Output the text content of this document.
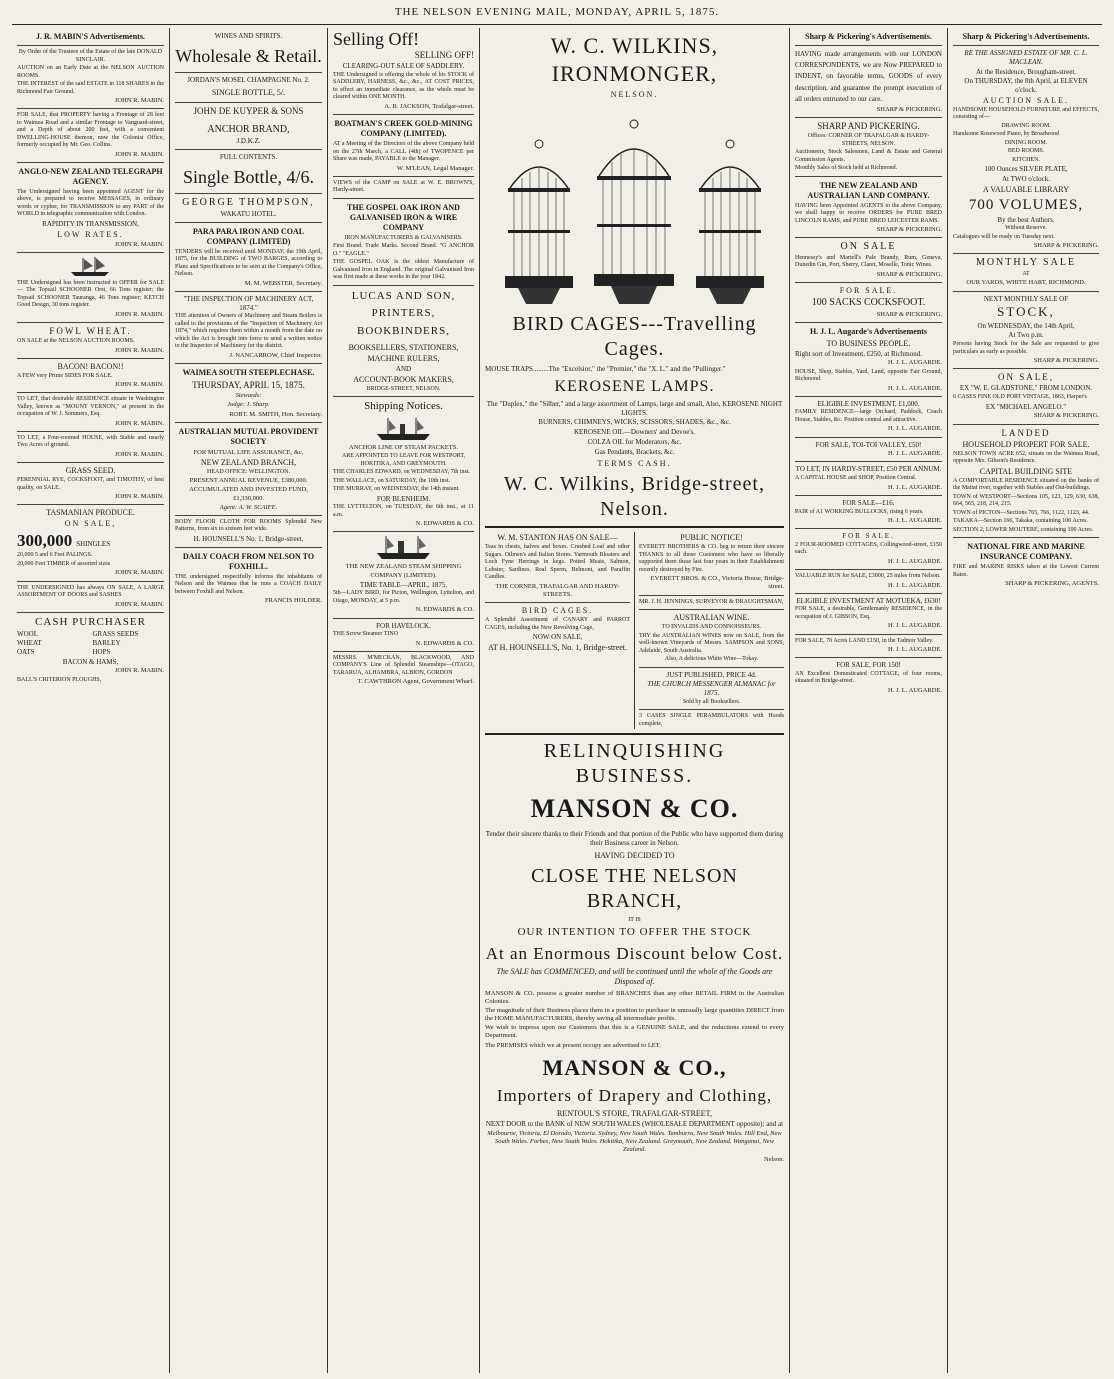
THE NELSON EVENING MAIL, MONDAY, APRIL 5, 1875.
J. R. MABIN'S Advertisements.
By Order of the Trustees of the Estate of the late DONALD SINCLAIR.
AUCTION on an Early Date at the NELSON AUCTION ROOMS.
THE INTEREST of the said ESTATE in 118 SHARES in the Richmond Fair Ground.
JOHN R. MABIN.
FOR SALE, that PROPERTY having a Frontage of 28 feet to Waimea Road and a similar Frontage to Vanguard-street, and a Depth of about 200 feet, with a convenient DWELLING-HOUSE thereon, now the Colonist Office, formerly occupied by Mr. Geo. Collins.
JOHN R. MABIN.
ANGLO-NEW ZEALAND TELEGRAPH AGENCY.
The Undersigned having been appointed AGENT for the above, is prepared to receive MESSAGES, in ordinary words or cypher, for TRANSMISSION to any PART of the WORLD in telegraphic communication with London.
RAPIDITY IN TRANSMISSION,
LOW RATES.
JOHN R. MABIN.
THE Undersigned has been instructed to OFFER for SALE— The Topsail SCHOONER Orst, 66 Tons register; the Topsail SCHOONER Tauranga, 46 Tons register; KETCH Good Design, 30 tons register.
JOHN R. MABIN.
FOWL WHEAT.
ON SALE at the NELSON AUCTION ROOMS.
JOHN R. MABIN.
BACON! BACON!!
A FEW very Prime SIDES FOR SALE.
JOHN R. MABIN.
TO LET, that desirable RESIDENCE situate in Washington Valley, known as "MOUNT VERNON," at present in the occupation of W. J. Sommers, Esq.
JOHN R. MABIN.
TO LET, a Four-roomed HOUSE, with Stable and nearly Two Acres of ground.
JOHN R. MABIN.
GRASS SEED.
PERENNIAL RYE, COCKSFOOT, and TIMOTHY, of best quality, on SALE.
JOHN R. MABIN.
TASMANIAN PRODUCE.
ON SALE,
300,000 SHINGLES
20,000 5 and 6 Feet PALINGS.
20,000 Feet TIMBER of assorted sizes
JOHN R. MABIN.
THE UNDERSIGNED has always ON SALE, A LARGE ASSORTMENT OF DOORS and SASHES
JOHN R. MABIN.
CASH PURCHASER
WOOL
WHEAT
OATS
GRASS SEEDS
BARLEY
HOPS
BACON & HAMS,
JOHN R. MABIN.
BALL'S CRITERION PLOUGHS,
WINES AND SPIRITS.
Wholesale & Retail.
JORDAN'S MOSEL CHAMPAGNE No. 2.
SINGLE BOTTLE, 5/.
JOHN DE KUYPER & SONS
ANCHOR BRAND,
J.D.K.Z.
FULL CONTENTS.
Single Bottle, 4/6.
GEORGE THOMPSON,
WAKATU HOTEL.
PARA PARA IRON AND COAL COMPANY (LIMITED)
TENDERS will be received until MONDAY, the 19th April, 1875, for the BUILDING of TWO BARGES, according to Plans and Specifications to be seen at the Company's Office, Nelson.
M. M. WEBSTER, Secretary.
"THE INSPECTION OF MACHINERY ACT, 1874."
THE attention of Owners of Machinery and Steam Boilers is called to the provisions of the "Inspection of Machinery Act 1874," which requires them within a month from the date on which the Act is brought into force to send a written notice to the Inspector of Machinery for the district.
J. NANCARROW, Chief Inspector.
WAIMEA SOUTH STEEPLECHASE.
THURSDAY, APRIL 15, 1875.
Stewards:
Judge: J. Sharp.
ROBT. M. SMITH, Hon. Secretary.
AUSTRALIAN MUTUAL PROVIDENT SOCIETY
FOR MUTUAL LIFE ASSURANCE, &c.
NEW ZEALAND BRANCH,
HEAD OFFICE: WELLINGTON.
PRESENT ANNUAL REVENUE, £380,000.
ACCUMULATED AND INVESTED FUND, £1,330,000.
Agent: A. W. SCAIFE.
BODY FLOOR CLOTH FOR ROOMS Splendid New Patterns, from six to sixteen feet wide.
H. HOUNSELL'S No. 1, Bridge-street.
DAILY COACH FROM NELSON TO FOXHILL.
THE undersigned respectfully informs the inhabitants of Nelson and the Waimea that he runs a COACH DAILY between Foxhill and Nelson.
FRANCIS HOLDER.
Selling Off!
SELLING OFF!
CLEARING-OUT SALE OF SADDLERY.
THE Undersigned is offering the whole of his STOCK of SADDLERY, HARNESS, &c., &c., AT COST PRICES, to effect an immediate clearance, as the whole must be cleared within ONE MONTH.
A. B. JACKSON, Trafalgar-street.
BOATMAN'S CREEK GOLD-MINING COMPANY (LIMITED).
AT a Meeting of the Directors of the above Company held on the 27th March, a CALL (4th) of TWOPENCE per Share was made, PAYABLE to the Manager.
W. M'LEAN, Legal Manager.
VIEWS of the CAMP on SALE at W. E. BROWN'S, Hardy-street.
THE GOSPEL OAK IRON AND GALVANISED IRON & WIRE COMPANY
IRON MANUFACTURERS & GALVANISERS.
First Brand. Trade Marks. Second Brand. "G ANCHOR O." "EAGLE."
THE GOSPEL OAK is the oldest Manufacture of Galvanised Iron in England. The original Galvanised Iron was first made at these works in the year 1842.
LUCAS AND SON,
PRINTERS,
BOOKBINDERS,
BOOKSELLERS, STATIONERS,
MACHINE RULERS,
AND
ACCOUNT-BOOK MAKERS,
BRIDGE-STREET, NELSON.
Shipping Notices.
ANCHOR LINE OF STEAM PACKETS.
ARE APPOINTED TO LEAVE FOR WESTPORT, HOKITIKA, AND GREYMOUTH.
THE CHARLES EDWARD, on WEDNESDAY, 7th inst.
THE WALLACE, on SATURDAY, the 10th inst.
THE MURRAY, on WEDNESDAY, the 14th instant.
FOR BLENHEIM.
THE LYTTELTON, on TUESDAY, the 6th inst., at 11 a.m.
N. EDWARDS & CO.
THE NEW ZEALAND STEAM SHIPPING COMPANY (LIMITED).
TIME TABLE—APRIL, 1875.
5th—LADY BIRD, for Picton, Wellington, Lyttelton, and Otago, MONDAY, at 5 p.m.
N. EDWARDS & CO.
FOR HAVELOCK.
THE Screw Steamer TINO
N. EDWARDS & CO.
MESSRS. M'MECKAN, BLACKWOOD, AND COMPANY'S Line of Splendid Steamships—OTAGO, TARARUA, ALHAMBRA, ALBION, GORDON
T. CAWTHRON Agent, Government Wharf.
W. C. WILKINS, IRONMONGER,
NELSON.
BIRD CAGES---Travelling Cages.
MOUSE TRAPS.........The "Excelsior," the "Premier," the "X. L." and the "Pullinger."
KEROSENE LAMPS.
The "Duplex," the "Silber," and a large assortment of Lamps, large and small, Also, KEROSENE NIGHT LIGHTS.
BURNERS, CHIMNEYS, WICKS, SCISSORS, SHADES, &c., &c.
KEROSENE OIL—Downers' and Devoe's.
COLZA OIL for Moderators, &c.
Gas Pendants, Brackets, &c.
TERMS CASH.
W. C. Wilkins, Bridge-street, Nelson.
W. M. STANTON HAS ON SALE—
Teas in chests, halves and boxes. Crushed Loaf and other Sugars. Oilmen's and Italian Stores. Yarmouth Bloaters and Loch Fyne Herrings in kegs. Potted Meats, Salmon, Lobster, Sardines. Real Sperm, Belmont, and Paraffin Candles.
THE CORNER, TRAFALGAR AND HARDY-STREETS.
BIRD CAGES.
A Splendid Assortment of CANARY and PARROT CAGES, including the New Revolving Cage,
NOW ON SALE,
AT H. HOUNSELL'S, No. 1, Bridge-street.
PUBLIC NOTICE!
EVERETT BROTHERS & CO. beg to return their sincere THANKS to all those Customers who have so liberally supported them these last four years in their Establishment recently destroyed by Fire.
EVERETT BROS. & CO., Victoria House, Bridge-street.
MR. J. H. JENNINGS, SURVEYOR & DRAUGHTSMAN,
AUSTRALIAN WINE.
TO INVALIDS AND CONNOISSEURS.
TRY the AUSTRALIAN WINES now on SALE, from the well-known Vineyards of Messrs. SAMPSON and SONS, Adelaide, South Australia.
Also, A delicious White Wine—Tokay.
JUST PUBLISHED, PRICE 4d.
THE CHURCH MESSENGER ALMANAC for 1875.
Sold by all Booksellers.
3 CASES SINGLE PERAMBULATORS with Hoods complete,
RELINQUISHING BUSINESS.
MANSON & CO.
Tender their sincere thanks to their Friends and that portion of the Public who have supported them during their Business career in Nelson.
HAVING DECIDED TO
CLOSE THE NELSON BRANCH,
IT IS
OUR INTENTION TO OFFER THE STOCK
At an Enormous Discount below Cost.
The SALE has COMMENCED, and will be continued until the whole of the Goods are Disposed of.
MANSON & CO. possess a greater number of BRANCHES than any other RETAIL FIRM in the Australian Colonies.
The magnitude of their Business places them in a position to purchase in unusually large quantities DIRECT from the HOME MANUFACTURERS, thereby saving all intermediate profits.
We wish to impress upon our Customers that this is a GENUINE SALE, and the reductions extend to every Department.
The PREMISES which we at present occupy are advertised to LET.
MANSON & CO.,
Importers of Drapery and Clothing,
RENTOUL'S STORE, TRAFALGAR-STREET,
NEXT DOOR to the BANK of NEW SOUTH WALES (WHOLESALE DEPARTMENT opposite); and at
Melbourne, Victoria. El Dorado, Victoria. Sydney, New South Wales. Tamburra, New South Wales. Hill End, New South Wales. Forbes, New South Wales. Hokitika, New Zealand. Greymouth, New Zealand. Wanganui, New Zealand.
Nelson.
Sharp & Pickering's Advertisements.
HAVING made arrangements with our LONDON CORRESPONDENTS, we are Now PREPARED to INDENT, on favorable terms, GOODS of every description, and guarantee the prompt execution of all orders entrusted to our care.
SHARP & PICKERING.
SHARP AND PICKERING.
Offices: CORNER OF TRAFALGAR & HARDY-STREETS, NELSON.
Auctioneers, Stock Salesmen, Land & Estate and General Commission Agents.
Monthly Sales of Stock held at Richmond.
THE NEW ZEALAND AND AUSTRALIAN LAND COMPANY.
HAVING been Appointed AGENTS to the above Company, we shall happy to receive ORDERS for PURE BRED LINCOLN RAMS, and PURE BRED LEICESTER RAMS.
SHARP & PICKERING.
ON SALE
Hennessy's and Martell's Pale Brandy, Rum, Geneva, Dunedin Gin, Port, Sherry, Claret, Moselle, Tonic Wines.
SHARP & PICKERING.
FOR SALE.
100 SACKS COCKSFOOT.
SHARP & PICKERING.
H. J. L. Augarde's Advertisements
TO BUSINESS PEOPLE.
Right sort of Investment, £250, at Richmond.
H. J. L. AUGARDE.
HOUSE, Shop, Stables, Yard, Land, opposite Fair Ground, Richmond.
H. J. L. AUGARDE.
ELIGIBLE INVESTMENT, £1,000.
FAMILY RESIDENCE—large Orchard, Paddock, Coach House, Stables, &c. Position central and attractive.
H. J. L. AUGARDE.
FOR SALE, TOI-TOI VALLEY, £50!
H. J. L. AUGARDE.
TO LET, IN HARDY-STREET, £50 PER ANNUM.
A CAPITAL HOUSE and SHOP, Position Central.
H. J. L. AUGARDE.
FOR SALE—£16.
PAIR of A1 WORKING BULLOCKS, rising 6 years.
H. J. L. AUGARDE.
FOR SALE.
2 FOUR-ROOMED COTTAGES, Collingwood-street, £150 each.
H. J. L. AUGARDE.
VALUABLE RUN for SALE, £3000, 25 miles from Nelson.
H. J. L. AUGARDE.
ELIGIBLE INVESTMENT AT MOTUEKA, £630!
FOR SALE, a desirable, Gentlemanly RESIDENCE, in the occupation of J. GIBSON, Esq.
H. J. L. AUGARDE.
FOR SALE, 70 Acres LAND £150, in the Tadmor Valley.
H. J. L. AUGARDE.
FOR SALE, FOR 150!
AN Excellent Domesticated COTTAGE, of four rooms, situated in Bridge-street.
H. J. L. AUGARDE.
Sharp & Pickering's Advertisements.
RE THE ASSIGNED ESTATE OF MR. C. L. MACLEAN.
At the Residence, Brougham-street.
On THURSDAY, the 8th April, at ELEVEN o'clock.
AUCTION SALE.
HANDSOME HOUSEHOLD FURNITURE and EFFECTS, consisting of—
DRAWING ROOM.
Handsome Rosewood Piano, by Broadwood
DINING ROOM.
BED ROOMS.
KITCHEN.
100 Ounces SILVER PLATE,
At TWO o'clock.
A VALUABLE LIBRARY
700 VOLUMES,
By the best Authors.
Without Reserve.
Catalogues will be ready on Tuesday next.
SHARP & PICKERING.
MONTHLY SALE
AT
OUR YARDS, WHITE HART, RICHMOND.
NEXT MONTHLY SALE OF
STOCK,
On WEDNESDAY, the 14th April,
At Two p.m.
Persons having Stock for the Sale are requested to give particulars as early as possible.
SHARP & PICKERING.
ON SALE,
EX "W. E. GLADSTONE," FROM LONDON.
6 CASES FINE OLD PORT VINTAGE, 1863, Harper's
EX "MICHAEL ANGELO."
SHARP & PICKERING.
LANDED
HOUSEHOLD PROPERT FOR SALE.
NELSON TOWN ACRE 652, situate on the Waimea Road, opposite Mrs. Gibson's Residence.
CAPITAL BUILDING SITE
A COMFORTABLE RESIDENCE situated on the banks of the Maitai river, together with Stables and Out-buildings.
TOWN of WESTPORT—Sections 105, 123, 129, 630, 638, 664, 565, 218, 214, 215.
TOWN of PICTON—Sections 765, 766, 1122, 1123, 44.
TAKAKA—Section 166, Takaka, containing 100 Acres.
SECTION 2, LOWER MOUTERE, containing 100 Acres.
NATIONAL FIRE AND MARINE INSURANCE COMPANY.
FIRE and MARINE RISKS taken at the Lowest Current Rates.
SHARP & PICKERING, AGENTS.
